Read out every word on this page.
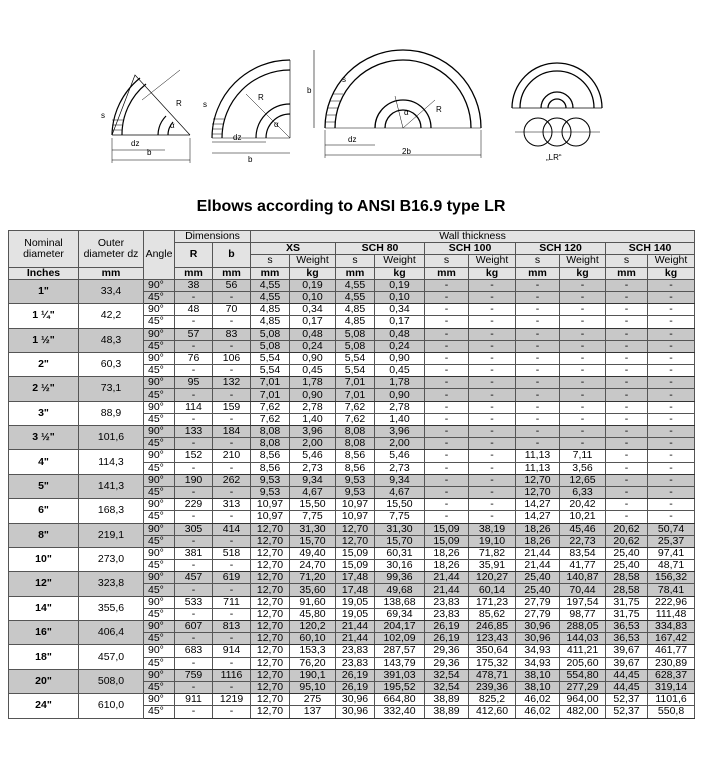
b
dz
s
R
α
dz
b
s
R
α
b
dz
2b
s
α	R
„LR“
Elbows according to ANSI B16.9 type LR
Nominal diameter	Outer diameter dz	Angle	Dimensions		Wall thickness									
			R	b	XS		SCH 80		SCH 100		SCH 120		SCH 140	
					s	Weight	s	Weight	s	Weight	s	Weight	s	Weight
Inches	mm		mm	mm	mm	kg	mm	kg	mm	kg	mm	kg	mm	kg
1"	33,4	90°	38	56	4,55	0,19	4,55	0,19	-	-	-	-	-	-
		45°	-	-	4,55	0,10	4,55	0,10	-	-	-	-	-	-
1 ¼"	42,2	90°	48	70	4,85	0,34	4,85	0,34	-	-	-	-	-	-
		45°	-	-	4,85	0,17	4,85	0,17	-	-	-	-	-	-
1 ½"	48,3	90°	57	83	5,08	0,48	5,08	0,48	-	-	-	-	-	-
		45°	-	-	5,08	0,24	5,08	0,24	-	-	-	-	-	-
2"	60,3	90°	76	106	5,54	0,90	5,54	0,90	-	-	-	-	-	-
		45°	-	-	5,54	0,45	5,54	0,45	-	-	-	-	-	-
2 ½"	73,1	90°	95	132	7,01	1,78	7,01	1,78	-	-	-	-	-	-
		45°	-	-	7,01	0,90	7,01	0,90	-	-	-	-	-	-
3"	88,9	90°	114	159	7,62	2,78	7,62	2,78	-	-	-	-	-	-
		45°	-	-	7,62	1,40	7,62	1,40	-	-	-	-	-	-
3 ½"	101,6	90°	133	184	8,08	3,96	8,08	3,96	-	-	-	-	-	-
		45°	-	-	8,08	2,00	8,08	2,00	-	-	-	-	-	-
4"	114,3	90°	152	210	8,56	5,46	8,56	5,46	-	-	11,13	7,11	-	-
		45°	-	-	8,56	2,73	8,56	2,73	-	-	11,13	3,56	-	-
5"	141,3	90°	190	262	9,53	9,34	9,53	9,34	-	-	12,70	12,65	-	-
		45°	-	-	9,53	4,67	9,53	4,67	-	-	12,70	6,33	-	-
6"	168,3	90°	229	313	10,97	15,50	10,97	15,50	-	-	14,27	20,42	-	-
		45°	-	-	10,97	7,75	10,97	7,75	-	-	14,27	10,21	-	-
8"	219,1	90°	305	414	12,70	31,30	12,70	31,30	15,09	38,19	18,26	45,46	20,62	50,74
		45°	-	-	12,70	15,70	12,70	15,70	15,09	19,10	18,26	22,73	20,62	25,37
10"	273,0	90°	381	518	12,70	49,40	15,09	60,31	18,26	71,82	21,44	83,54	25,40	97,41
		45°	-	-	12,70	24,70	15,09	30,16	18,26	35,91	21,44	41,77	25,40	48,71
12"	323,8	90°	457	619	12,70	71,20	17,48	99,36	21,44	120,27	25,40	140,87	28,58	156,32
		45°	-	-	12,70	35,60	17,48	49,68	21,44	60,14	25,40	70,44	28,58	78,41
14"	355,6	90°	533	711	12,70	91,60	19,05	138,68	23,83	171,23	27,79	197,54	31,75	222,96
		45°	-	-	12,70	45,80	19,05	69,34	23,83	85,62	27,79	98,77	31,75	111,48
16"	406,4	90°	607	813	12,70	120,2	21,44	204,17	26,19	246,85	30,96	288,05	36,53	334,83
		45°	-	-	12,70	60,10	21,44	102,09	26,19	123,43	30,96	144,03	36,53	167,42
18"	457,0	90°	683	914	12,70	153,3	23,83	287,57	29,36	350,64	34,93	411,21	39,67	461,77
		45°	-	-	12,70	76,20	23,83	143,79	29,36	175,32	34,93	205,60	39,67	230,89
20"	508,0	90°	759	1116	12,70	190,1	26,19	391,03	32,54	478,71	38,10	554,80	44,45	628,37
		45°	-	-	12,70	95,10	26,19	195,52	32,54	239,36	38,10	277,29	44,45	319,14
24"	610,0	90°	911	1219	12,70	275	30,96	664,80	38,89	825,2	46,02	964,00	52,37	1101,6
		45°	-	-	12,70	137	30,96	332,40	38,89	412,60	46,02	482,00	52,37	550,8
